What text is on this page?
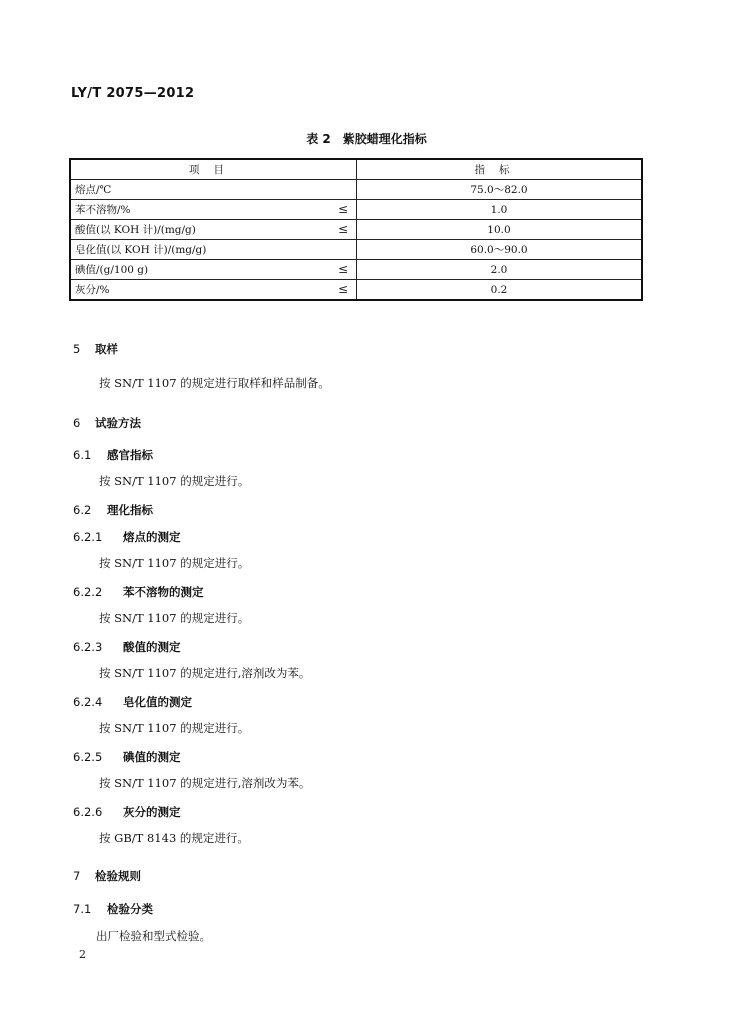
LY/T 2075—2012
表 2　紫胶蜡理化指标
项目	指标
熔点/℃	75.0～82.0
苯不溶物/% ≤	1.0
酸值(以 KOH 计)/(mg/g) ≤	10.0
皂化值(以 KOH 计)/(mg/g)	60.0～90.0
碘值/(g/100 g) ≤	2.0
灰分/% ≤	0.2
5 取样
按 SN/T 1107 的规定进行取样和样品制备。
6 试验方法
6.1 感官指标
按 SN/T 1107 的规定进行。
6.2 理化指标
6.2.1 熔点的测定
按 SN/T 1107 的规定进行。
6.2.2 苯不溶物的测定
按 SN/T 1107 的规定进行。
6.2.3 酸值的测定
按 SN/T 1107 的规定进行,溶剂改为苯。
6.2.4 皂化值的测定
按 SN/T 1107 的规定进行。
6.2.5 碘值的测定
按 SN/T 1107 的规定进行,溶剂改为苯。
6.2.6 灰分的测定
按 GB/T 8143 的规定进行。
7 检验规则
7.1 检验分类
出厂检验和型式检验。
2
